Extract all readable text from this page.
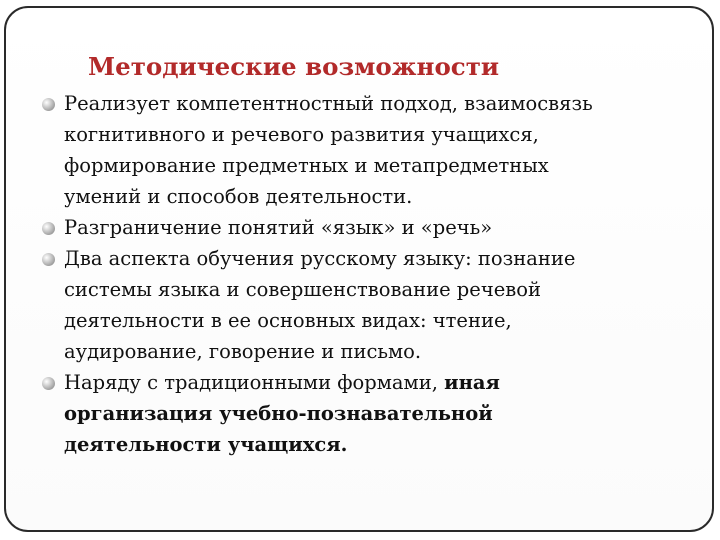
Методические возможности
Реализует компетентностный подход, взаимосвязь
когнитивного и речевого развития учащихся,
формирование предметных и метапредметных
умений и способов деятельности.
Разграничение понятий «язык» и «речь»
Два аспекта обучения русскому языку: познание
системы языка и совершенствование речевой
деятельности в ее основных видах: чтение,
аудирование, говорение и письмо.
Наряду с традиционными формами, иная
организация учебно-познавательной
деятельности учащихся.
